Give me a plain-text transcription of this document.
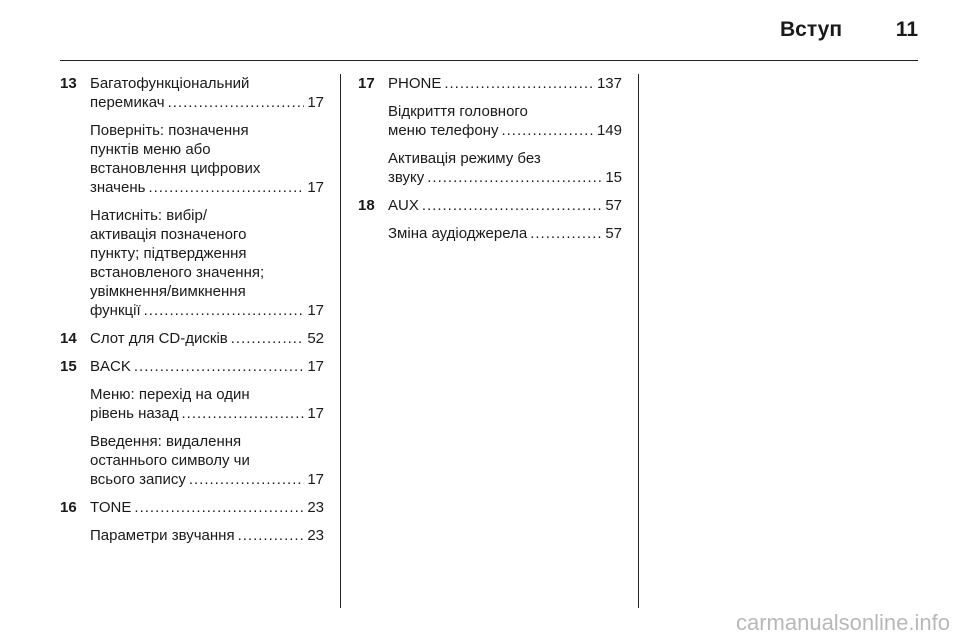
Вступ	11
13 Багатофункціональний
перемикач .....	17
Поверніть: позначення
пунктів меню або
встановлення цифрових
значень .....	17
Натисніть: вибір/
активація позначеного
пункту; підтвердження
встановленого значення;
увімкнення/вимкнення
функції .....	17
14 Слот для CD-дисків .....	52
15 BACK .....	17
Меню: перехід на один
рівень назад .....	17
Введення: видалення
останнього символу чи
всього запису .....	17
16 TONE .....	23
Параметри звучання .....	23
17 PHONE .....	137
Відкриття головного
меню телефону .....	149
Активація режиму без
звуку .....	15
18 AUX .....	57
Зміна аудіоджерела .....	57
carmanualsonline.info
